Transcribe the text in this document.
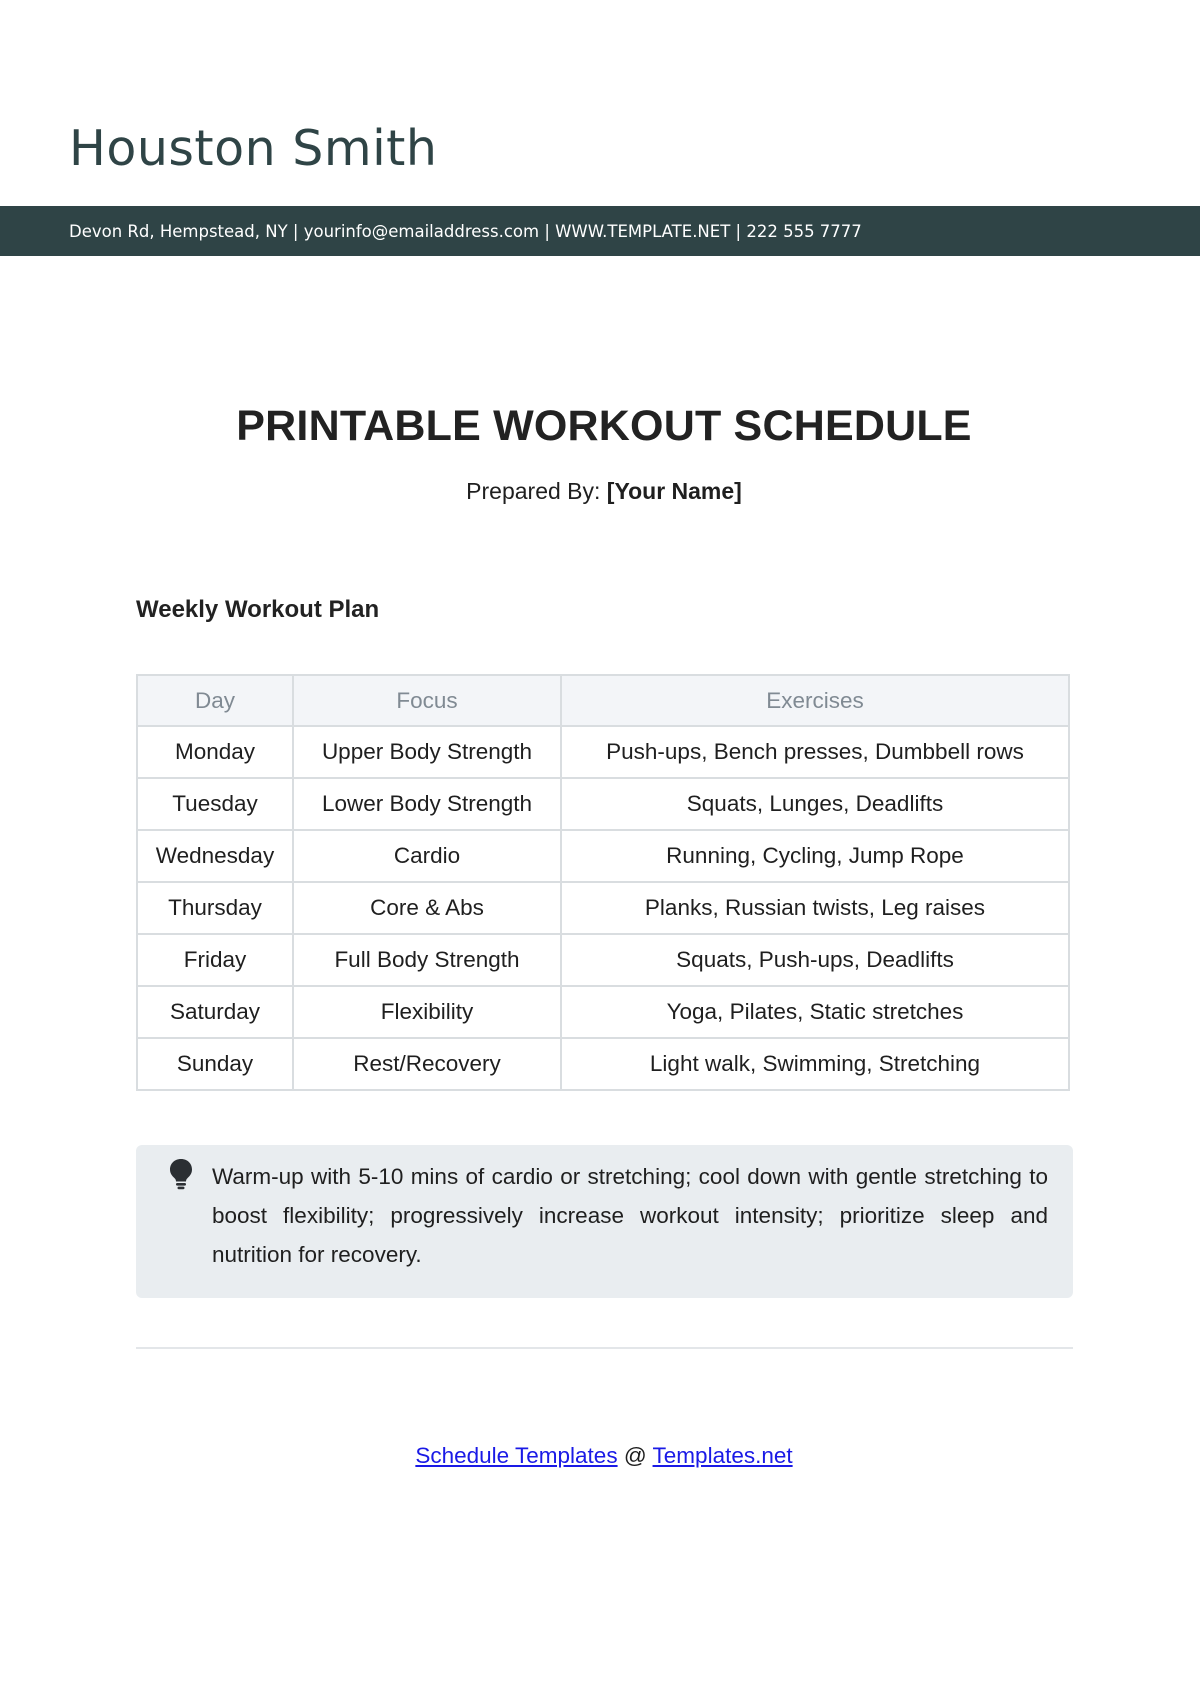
Houston Smith
Devon Rd, Hempstead, NY | yourinfo@emailaddress.com | WWW.TEMPLATE.NET | 222 555 7777
PRINTABLE WORKOUT SCHEDULE
Prepared By: [Your Name]
Weekly Workout Plan
Day	Focus	Exercises
Monday	Upper Body Strength	Push-ups, Bench presses, Dumbbell rows
Tuesday	Lower Body Strength	Squats, Lunges, Deadlifts
Wednesday	Cardio	Running, Cycling, Jump Rope
Thursday	Core & Abs	Planks, Russian twists, Leg raises
Friday	Full Body Strength	Squats, Push-ups, Deadlifts
Saturday	Flexibility	Yoga, Pilates, Static stretches
Sunday	Rest/Recovery	Light walk, Swimming, Stretching

Warm-up with 5-10 mins of cardio or stretching; cool down with gentle stretching to boost flexibility; progressively increase workout intensity; prioritize sleep and nutrition for recovery.

Schedule Templates @ Templates.net
